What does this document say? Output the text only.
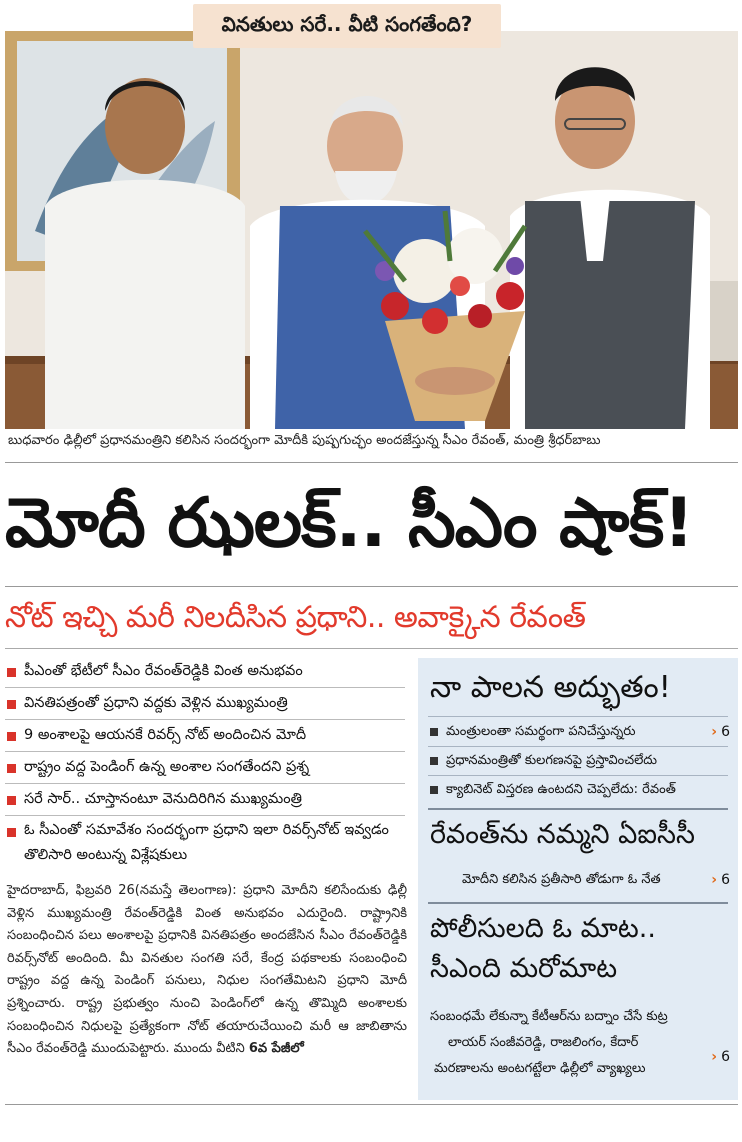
వినతులు సరే.. వీటి సంగతేంది?
బుధవారం ఢిల్లీలో ప్రధానమంత్రిని కలిసిన సందర్భంగా మోదీకి పుష్పగుచ్ఛం అందజేస్తున్న సీఎం రేవంత్, మంత్రి శ్రీధర్‌బాబు
మోదీ ఝలక్.. సీఎం షాక్!
నోట్ ఇచ్చి మరీ నిలదీసిన ప్రధాని.. అవాక్కైన రేవంత్
పీఎంతో భేటీలో సీఎం రేవంత్‌రెడ్డికి వింత అనుభవం
వినతిపత్రంతో ప్రధాని వద్దకు వెళ్లిన ముఖ్యమంత్రి
9 అంశాలపై ఆయనకే రివర్స్ నోట్ అందించిన మోదీ
రాష్ట్రం వద్ద పెండింగ్ ఉన్న అంశాల సంగతేందని ప్రశ్న
సరే సార్.. చూస్తానంటూ వెనుదిరిగిన ముఖ్యమంత్రి
ఓ సీఎంతో సమావేశం సందర్భంగా ప్రధాని ఇలా రివర్స్‌నోట్ ఇవ్వడం తొలిసారి అంటున్న విశ్లేషకులు
హైదరాబాద్, ఫిబ్రవరి 26(నమస్తే తెలంగాణ): ప్రధాని మోదీని కలిసేందుకు ఢిల్లీ వెళ్లిన ముఖ్యమంత్రి రేవంత్‌రెడ్డికి వింత అనుభవం ఎదురైంది. రాష్ట్రానికి సంబంధించిన పలు అంశాలపై ప్రధానికి వినతిపత్రం అందజేసిన సీఎం రేవంత్‌రెడ్డికి రివర్స్‌నోట్ అందింది. మీ వినతుల సంగతి సరే, కేంద్ర పథకాలకు సంబంధించి రాష్ట్రం వద్ద ఉన్న పెండింగ్ పనులు, నిధుల సంగతేమిటని ప్రధాని మోదీ ప్రశ్నించారు. రాష్ట్ర ప్రభుత్వం నుంచి పెండింగ్‌లో ఉన్న తొమ్మిది అంశాలకు సంబంధించిన నిధులపై ప్రత్యేకంగా నోట్ తయారుచేయించి మరీ ఆ జాబితాను సీఎం రేవంత్‌రెడ్డి ముందుపెట్టారు. ముందు వీటిని 6వ పేజీలో
నా పాలన అద్భుతం!
మంత్రులంతా సమర్థంగా పనిచేస్తున్నరు	› 6
ప్రధానమంత్రితో కులగణనపై ప్రస్తావించలేదు
క్యాబినెట్ విస్తరణ ఉంటదని చెప్పలేదు: రేవంత్
రేవంత్‌ను నమ్మని ఏఐసీసీ
మోదీని కలిసిన ప్రతీసారి తోడుగా ఓ నేత	› 6
పోలీసులది ఓ మాట..
సీఎంది మరోమాట
సంబంధమే లేకున్నా కేటీఆర్‌ను బద్నాం చేసే కుట్ర
లాయర్ సంజీవరెడ్డి, రాజలింగం, కేదార్
› 6
మరణాలను అంటగట్టేలా ఢిల్లీలో వ్యాఖ్యలు
